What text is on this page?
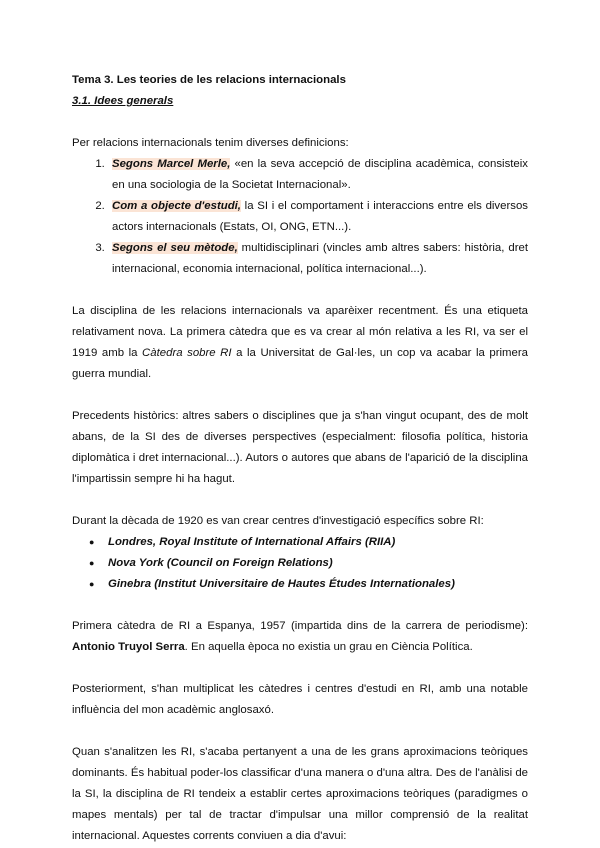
Tema 3. Les teories de les relacions internacionals

3.1. Idees generals

Per relacions internacionals tenim diverses definicions:

1. Segons Marcel Merle, «en la seva accepció de disciplina acadèmica, consisteix en una sociologia de la Societat Internacional».
2. Com a objecte d'estudi, la SI i el comportament i interaccions entre els diversos actors internacionals (Estats, OI, ONG, ETN...).
3. Segons el seu mètode, multidisciplinari (vincles amb altres sabers: història, dret internacional, economia internacional, política internacional...).

La disciplina de les relacions internacionals va aparèixer recentment. És una etiqueta relativament nova. La primera càtedra que es va crear al món relativa a les RI, va ser el 1919 amb la Càtedra sobre RI a la Universitat de Gal·les, un cop va acabar la primera guerra mundial.

Precedents històrics: altres sabers o disciplines que ja s'han vingut ocupant, des de molt abans, de la SI des de diverses perspectives (especialment: filosofia política, historia diplomàtica i dret internacional...). Autors o autores que abans de l'aparició de la disciplina l'impartissin sempre hi ha hagut.

Durant la dècada de 1920 es van crear centres d'investigació específics sobre RI:

● Londres, Royal Institute of International Affairs (RIIA)
● Nova York (Council on Foreign Relations)
● Ginebra (Institut Universitaire de Hautes Études Internationales)

Primera càtedra de RI a Espanya, 1957 (impartida dins de la carrera de periodisme): Antonio Truyol Serra. En aquella època no existia un grau en Ciència Política.

Posteriorment, s'han multiplicat les càtedres i centres d'estudi en RI, amb una notable influència del mon acadèmic anglosaxó.

Quan s'analitzen les RI, s'acaba pertanyent a una de les grans aproximacions teòriques dominants. És habitual poder-los classificar d'una manera o d'una altra. Des de l'anàlisi de la SI, la disciplina de RI tendeix a establir certes aproximacions teòriques (paradigmes o mapes mentals) per tal de tractar d'impulsar una millor comprensió de la realitat internacional. Aquestes corrents conviuen a dia d'avui:
